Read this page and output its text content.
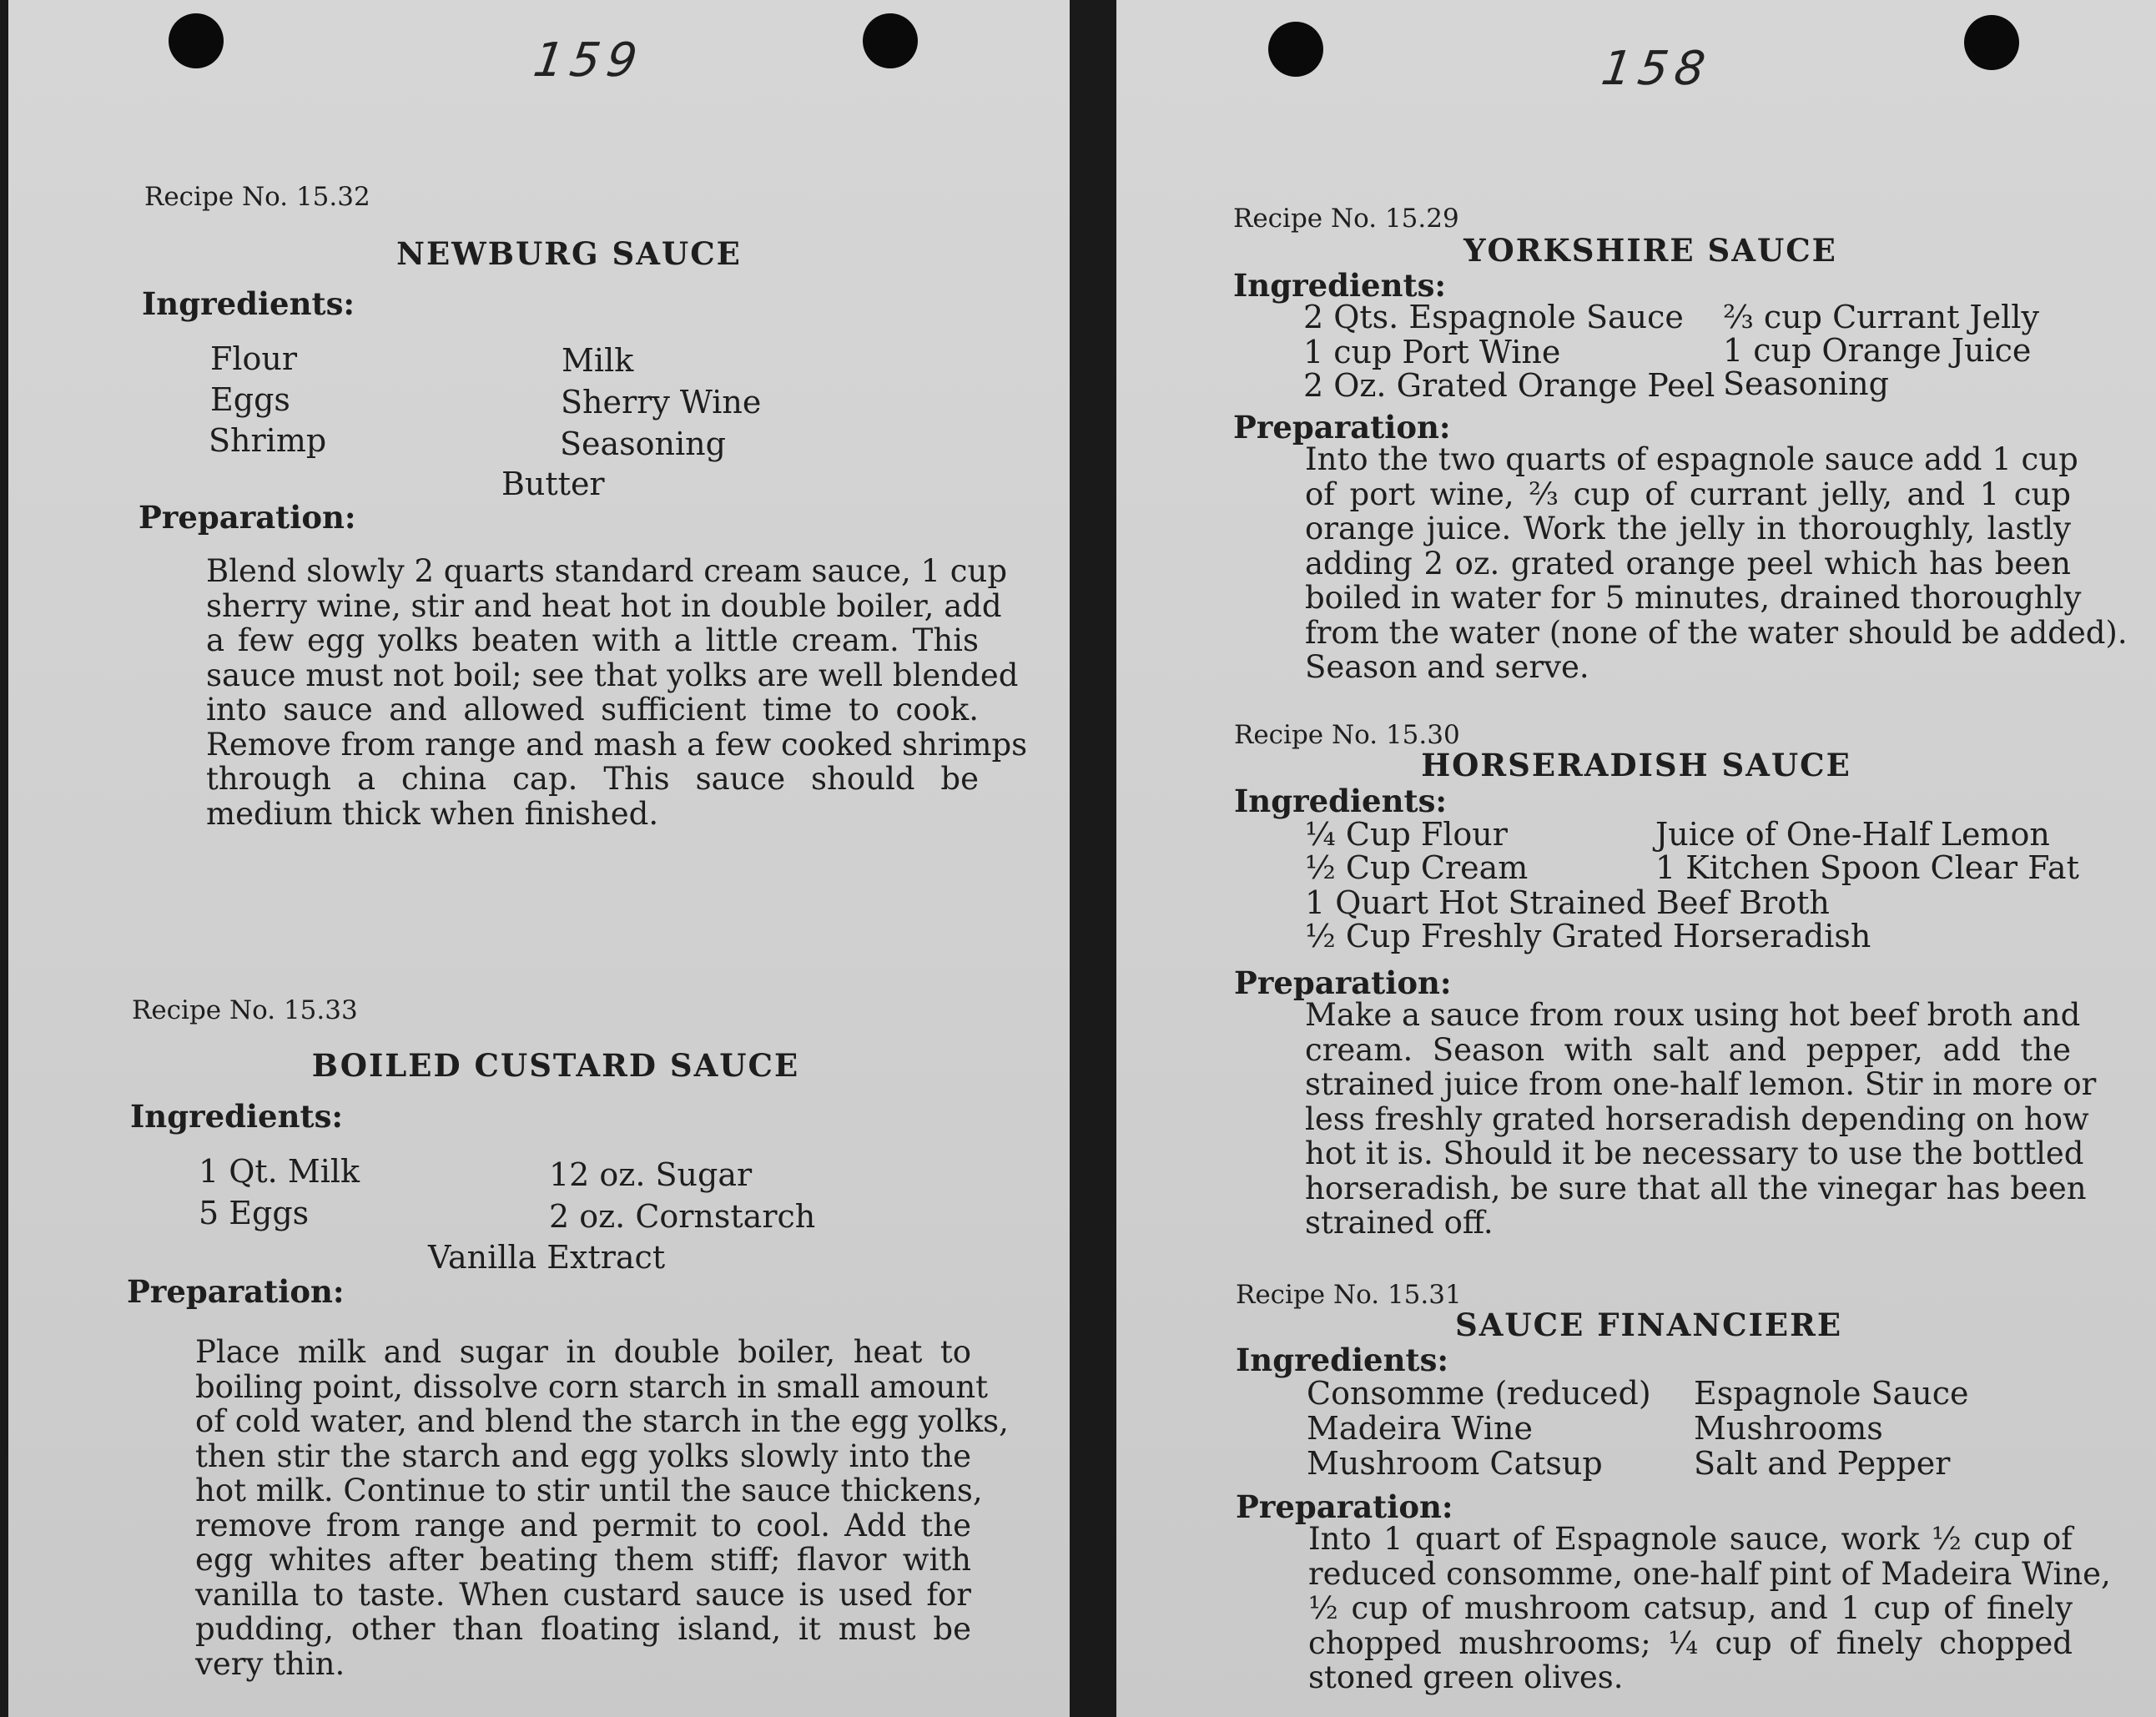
159
Recipe No. 15.32
NEWBURG SAUCE
Ingredients:
Flour
Eggs
Shrimp
Milk
Sherry Wine
Seasoning
Butter
Preparation:
Blend slowly 2 quarts standard cream sauce, 1 cup
sherry wine, stir and heat hot in double boiler, add
a few egg yolks beaten with a little cream. This
sauce must not boil; see that yolks are well blended
into sauce and allowed sufficient time to cook.
Remove from range and mash a few cooked shrimps
through a china cap. This sauce should be
medium thick when finished.
Recipe No. 15.33
BOILED CUSTARD SAUCE
Ingredients:
1 Qt. Milk
5 Eggs
12 oz. Sugar
2 oz. Cornstarch
Vanilla Extract
Preparation:
Place milk and sugar in double boiler, heat to
boiling point, dissolve corn starch in small amount
of cold water, and blend the starch in the egg yolks,
then stir the starch and egg yolks slowly into the
hot milk. Continue to stir until the sauce thickens,
remove from range and permit to cool. Add the
egg whites after beating them stiff; flavor with
vanilla to taste. When custard sauce is used for
pudding, other than floating island, it must be
very thin.
158
Recipe No. 15.29
YORKSHIRE SAUCE
Ingredients:
2 Qts. Espagnole Sauce
1 cup Port Wine
2 Oz. Grated Orange Peel
⅔ cup Currant Jelly
1 cup Orange Juice
Seasoning
Preparation:
Into the two quarts of espagnole sauce add 1 cup
of port wine, ⅔ cup of currant jelly, and 1 cup
orange juice. Work the jelly in thoroughly, lastly
adding 2 oz. grated orange peel which has been
boiled in water for 5 minutes, drained thoroughly
from the water (none of the water should be added).
Season and serve.
Recipe No. 15.30
HORSERADISH SAUCE
Ingredients:
¼ Cup Flour
½ Cup Cream
Juice of One-Half Lemon
1 Kitchen Spoon Clear Fat
1 Quart Hot Strained Beef Broth
½ Cup Freshly Grated Horseradish
Preparation:
Make a sauce from roux using hot beef broth and
cream. Season with salt and pepper, add the
strained juice from one-half lemon. Stir in more or
less freshly grated horseradish depending on how
hot it is. Should it be necessary to use the bottled
horseradish, be sure that all the vinegar has been
strained off.
Recipe No. 15.31
SAUCE FINANCIERE
Ingredients:
Consomme (reduced)
Madeira Wine
Mushroom Catsup
Espagnole Sauce
Mushrooms
Salt and Pepper
Preparation:
Into 1 quart of Espagnole sauce, work ½ cup of
reduced consomme, one-half pint of Madeira Wine,
½ cup of mushroom catsup, and 1 cup of finely
chopped mushrooms; ¼ cup of finely chopped
stoned green olives.
